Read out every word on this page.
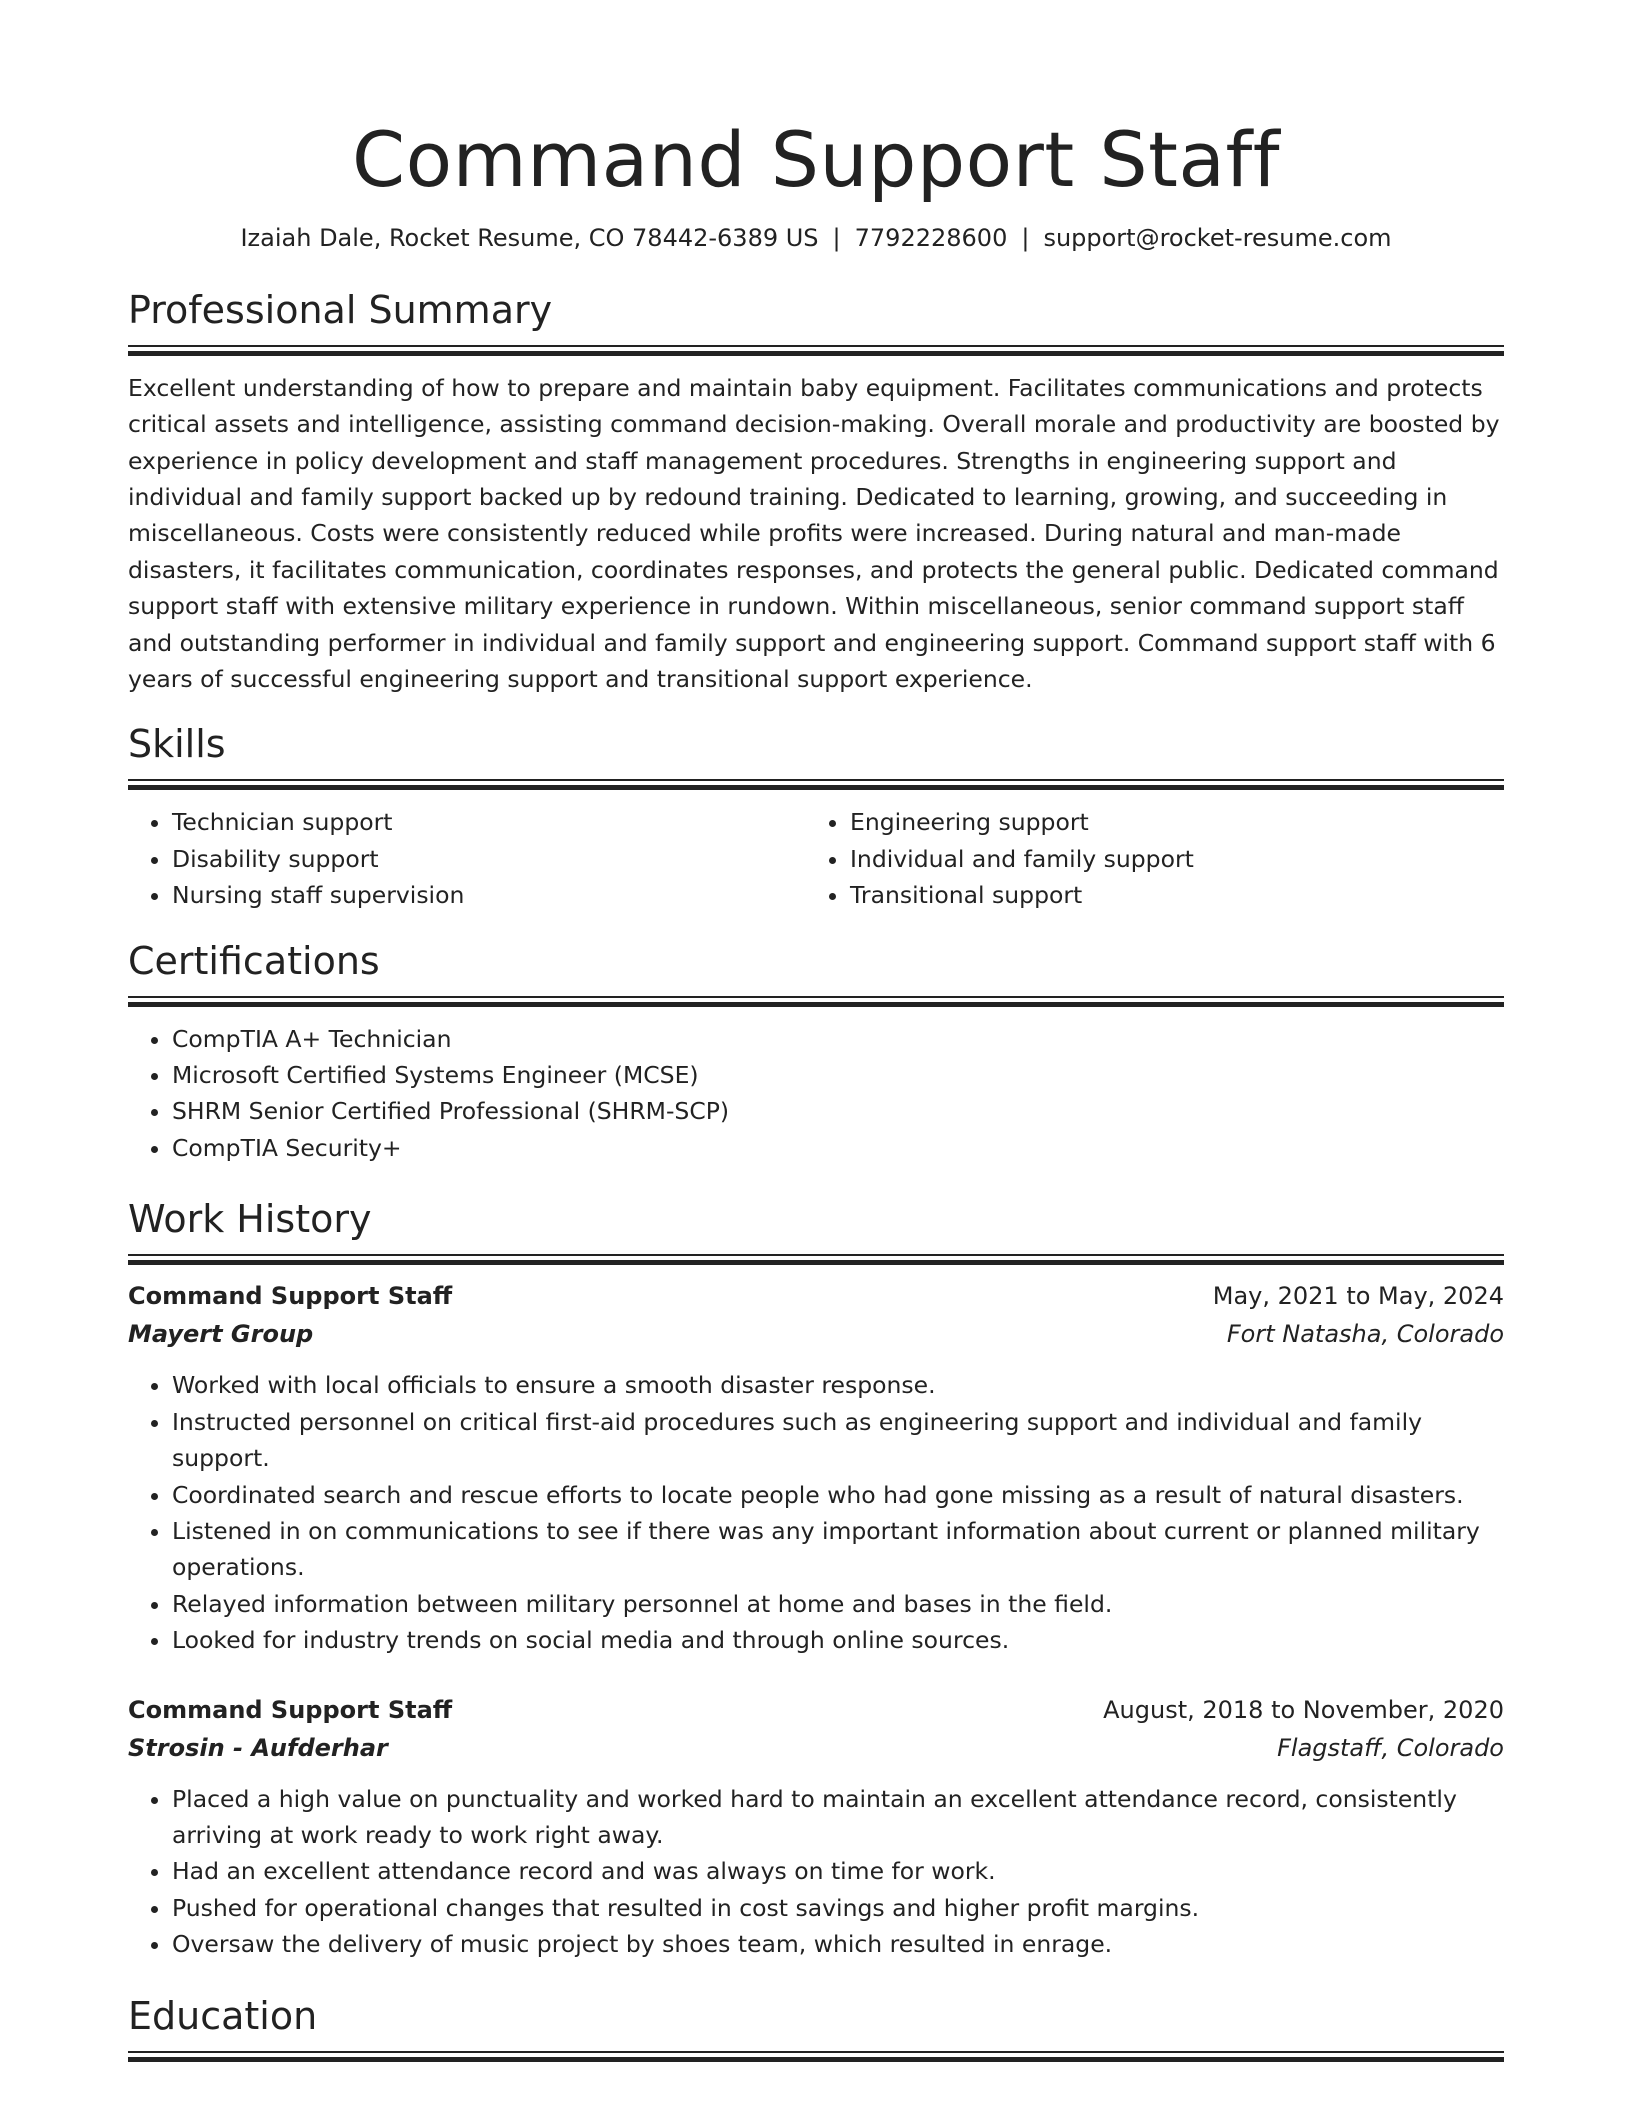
Command Support Staff
Izaiah Dale, Rocket Resume, CO 78442-6389 US | 7792228600 | support@rocket-resume.com
Professional Summary

Excellent understanding of how to prepare and maintain baby equipment. Facilitates communications and protects critical assets and intelligence, assisting command decision-making. Overall morale and productivity are boosted by experience in policy development and staff management procedures. Strengths in engineering support and individual and family support backed up by redound training. Dedicated to learning, growing, and succeeding in miscellaneous. Costs were consistently reduced while profits were increased. During natural and man-made disasters, it facilitates communication, coordinates responses, and protects the general public. Dedicated command support staff with extensive military experience in rundown. Within miscellaneous, senior command support staff and outstanding performer in individual and family support and engineering support. Command support staff with 6 years of successful engineering support and transitional support experience.

Skills
• Technician support
• Disability support
• Nursing staff supervision
• Engineering support
• Individual and family support
• Transitional support
Certifications
• CompTIA A+ Technician
• Microsoft Certified Systems Engineer (MCSE)
• SHRM Senior Certified Professional (SHRM-SCP)
• CompTIA Security+
Work History
Command Support Staff	May, 2021 to May, 2024
Mayert Group	Fort Natasha, Colorado
• Worked with local officials to ensure a smooth disaster response.
• Instructed personnel on critical first-aid procedures such as engineering support and individual and family support.
• Coordinated search and rescue efforts to locate people who had gone missing as a result of natural disasters.
• Listened in on communications to see if there was any important information about current or planned military operations.
• Relayed information between military personnel at home and bases in the field.
• Looked for industry trends on social media and through online sources.
Command Support Staff	August, 2018 to November, 2020
Strosin - Aufderhar	Flagstaff, Colorado
• Placed a high value on punctuality and worked hard to maintain an excellent attendance record, consistently arriving at work ready to work right away.
• Had an excellent attendance record and was always on time for work.
• Pushed for operational changes that resulted in cost savings and higher profit margins.
• Oversaw the delivery of music project by shoes team, which resulted in enrage.
Education
